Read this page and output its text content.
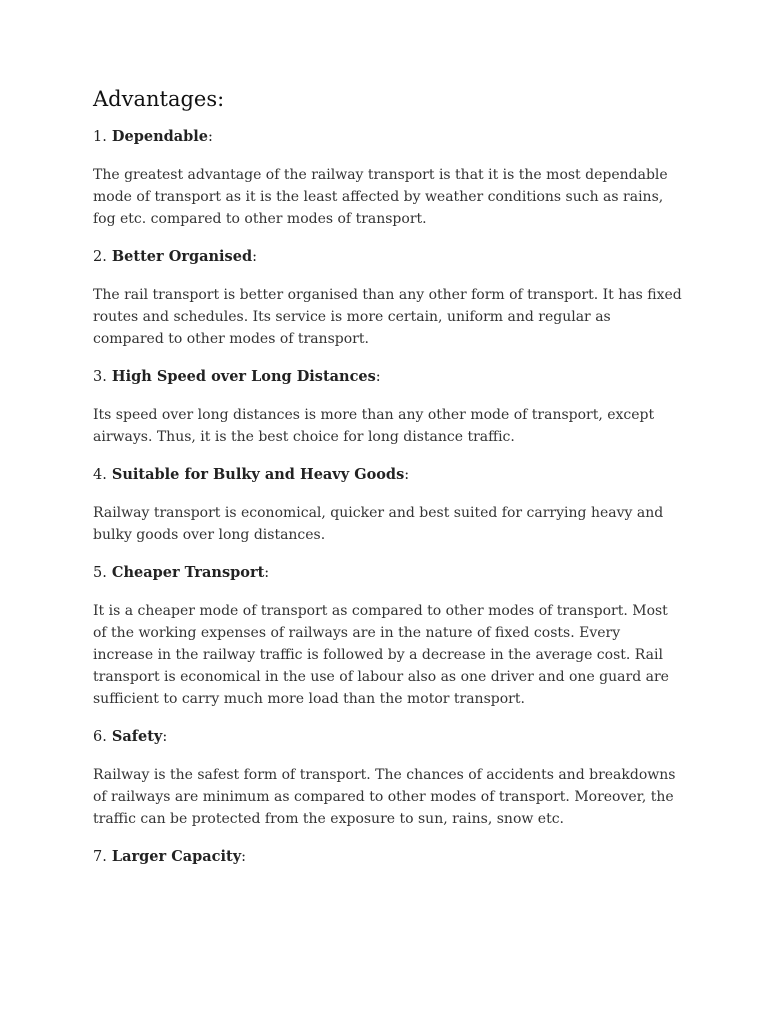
Advantages:
1. Dependable:

The greatest advantage of the railway transport is that it is the most dependable mode of transport as it is the least affected by weather conditions such as rains, fog etc. compared to other modes of transport.

2. Better Organised:

The rail transport is better organised than any other form of transport. It has fixed routes and schedules. Its service is more certain, uniform and regular as compared to other modes of transport.

3. High Speed over Long Distances:

Its speed over long distances is more than any other mode of transport, except airways. Thus, it is the best choice for long distance traffic.

4. Suitable for Bulky and Heavy Goods:

Railway transport is economical, quicker and best suited for carrying heavy and bulky goods over long distances.

5. Cheaper Transport:

It is a cheaper mode of transport as compared to other modes of transport. Most of the working expenses of railways are in the nature of fixed costs. Every increase in the railway traffic is followed by a decrease in the average cost. Rail transport is economical in the use of labour also as one driver and one guard are sufficient to carry much more load than the motor transport.

6. Safety:

Railway is the safest form of transport. The chances of accidents and breakdowns of railways are minimum as compared to other modes of transport. Moreover, the traffic can be protected from the exposure to sun, rains, snow etc.

7. Larger Capacity:
